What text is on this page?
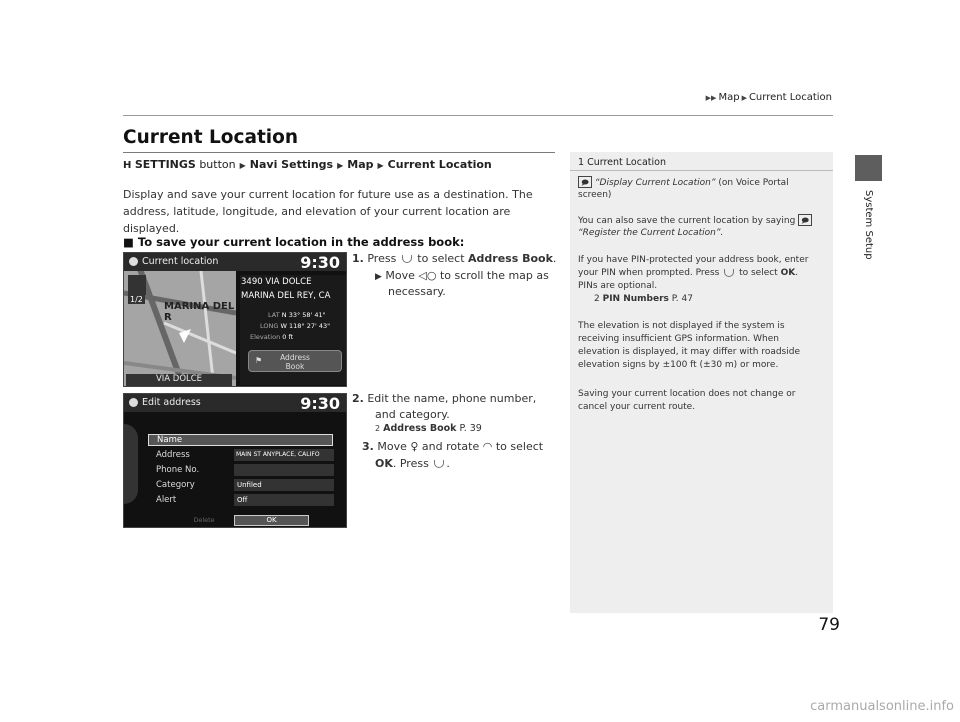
▶▶ Map ▶ Current Location
Current Location
H SETTINGS button ▶ Navi Settings ▶ Map ▶ Current Location
Display and save your current location for future use as a destination. The address, latitude, longitude, and elevation of your current location are displayed.
■ To save your current location in the address book:
1/2
MARINA DEL R
VIA DOLCE
Current location	9:30
3490 VIA DOLCE
MARINA DEL REY, CA
LAT N 33° 58' 41"
LONG W 118° 27' 43"
Elevation 0 ft
⚑	Address
Book
1. Press to select Address Book.
▶ Move ◁○ to scroll the map as
necessary.
Edit address	9:30
Name
Address	MAIN ST ANYPLACE, CALIFO
Phone No.
Category	Unfiled
Alert	Off
Delete	OK
2. Edit the name, phone number,
and category.
2 Address Book P. 39
3. Move ♀ and rotate ◠ to select
OK. Press .
1 Current Location
🗩 “Display Current Location” (on Voice Portal
screen)
You can also save the current location by saying 🗩
“Register the Current Location”.
If you have PIN-protected your address book, enter
your PIN when prompted. Press to select OK.
PINs are optional.
2 PIN Numbers P. 47
The elevation is not displayed if the system is
receiving insufficient GPS information. When
elevation is displayed, it may differ with roadside
elevation signs by ±100 ft (±30 m) or more.
Saving your current location does not change or
cancel your current route.
System Setup
79
carmanualsonline.info
